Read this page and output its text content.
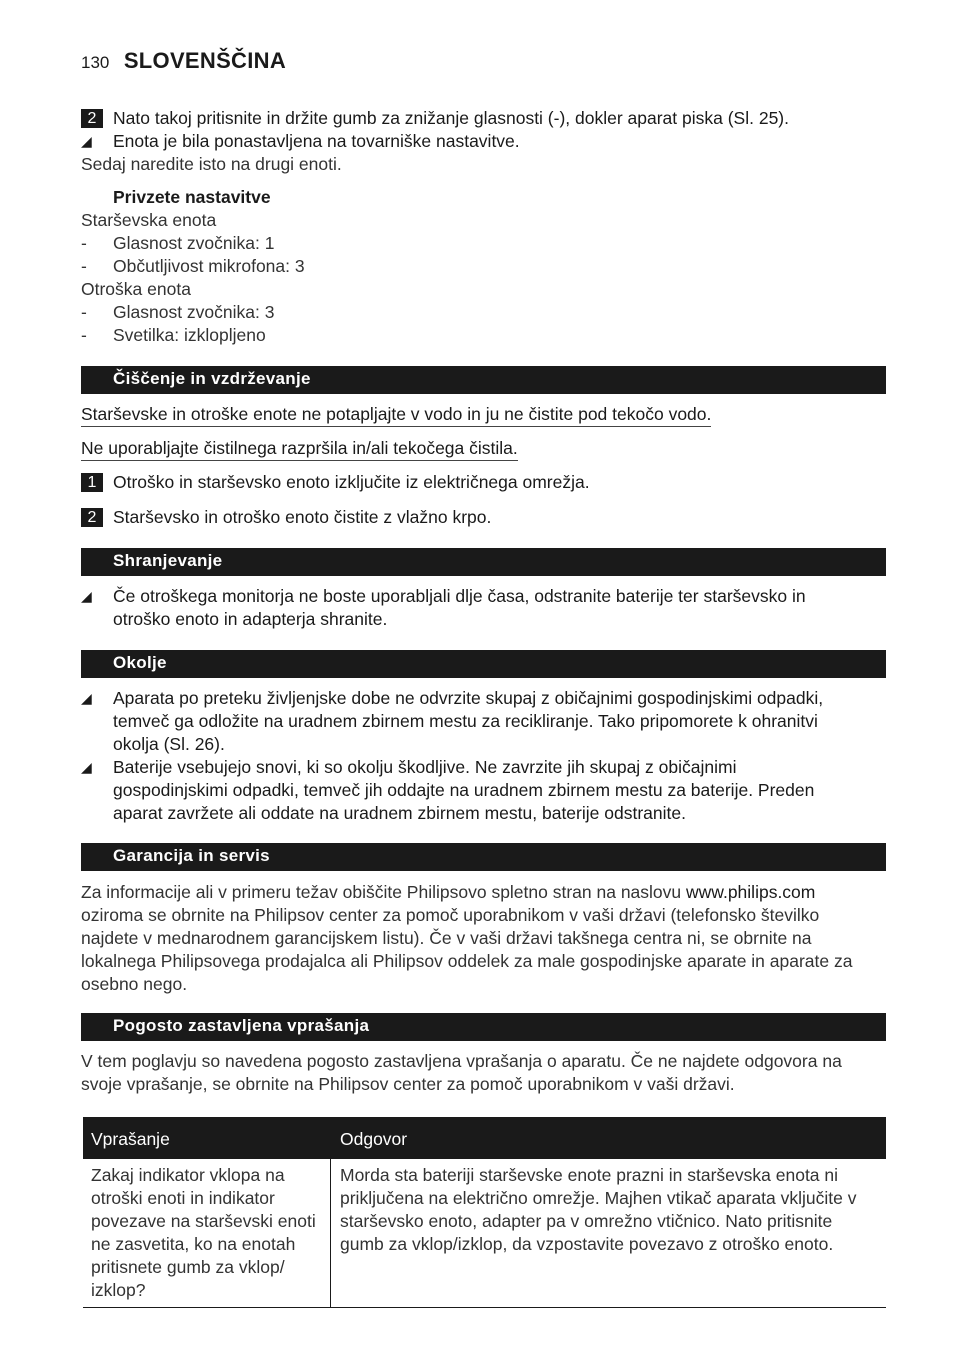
130 SLOVENŠČINA
2 Nato takoj pritisnite in držite gumb za znižanje glasnosti (-), dokler aparat piska (Sl. 25).
◢ Enota je bila ponastavljena na tovarniške nastavitve.
Sedaj naredite isto na drugi enoti.
Privzete nastavitve
Starševska enota
- Glasnost zvočnika: 1
- Občutljivost mikrofona: 3
Otroška enota
- Glasnost zvočnika: 3
- Svetilka: izklopljeno
Čiščenje in vzdrževanje
Starševske in otroške enote ne potapljajte v vodo in ju ne čistite pod tekočo vodo.
Ne uporabljajte čistilnega razpršila in/ali tekočega čistila.
1 Otroško in starševsko enoto izključite iz električnega omrežja.
2 Starševsko in otroško enoto čistite z vlažno krpo.
Shranjevanje
◢ Če otroškega monitorja ne boste uporabljali dlje časa, odstranite baterije ter starševsko in
otroško enoto in adapterja shranite.
Okolje
◢ Aparata po preteku življenjske dobe ne odvrzite skupaj z običajnimi gospodinjskimi odpadki,
temveč ga odložite na uradnem zbirnem mestu za recikliranje. Tako pripomorete k ohranitvi
okolja (Sl. 26).
◢ Baterije vsebujejo snovi, ki so okolju škodljive. Ne zavrzite jih skupaj z običajnimi
gospodinjskimi odpadki, temveč jih oddajte na uradnem zbirnem mestu za baterije. Preden
aparat zavržete ali oddate na uradnem zbirnem mestu, baterije odstranite.
Garancija in servis
Za informacije ali v primeru težav obiščite Philipsovo spletno stran na naslovu www.philips.com
oziroma se obrnite na Philipsov center za pomoč uporabnikom v vaši državi (telefonsko številko
najdete v mednarodnem garancijskem listu). Če v vaši državi takšnega centra ni, se obrnite na
lokalnega Philipsovega prodajalca ali Philipsov oddelek za male gospodinjske aparate in aparate za
osebno nego.
Pogosto zastavljena vprašanja
V tem poglavju so navedena pogosto zastavljena vprašanja o aparatu. Če ne najdete odgovora na
svoje vprašanje, se obrnite na Philipsov center za pomoč uporabnikom v vaši državi.
Vprašanje	Odgovor
Zakaj indikator vklopa na
otroški enoti in indikator
povezave na starševski enoti
ne zasvetita, ko na enotah
pritisnete gumb za vklop/
izklop?
Morda sta bateriji starševske enote prazni in starševska enota ni
priključena na električno omrežje. Majhen vtikač aparata vključite v
starševsko enoto, adapter pa v omrežno vtičnico. Nato pritisnite
gumb za vklop/izklop, da vzpostavite povezavo z otroško enoto.
